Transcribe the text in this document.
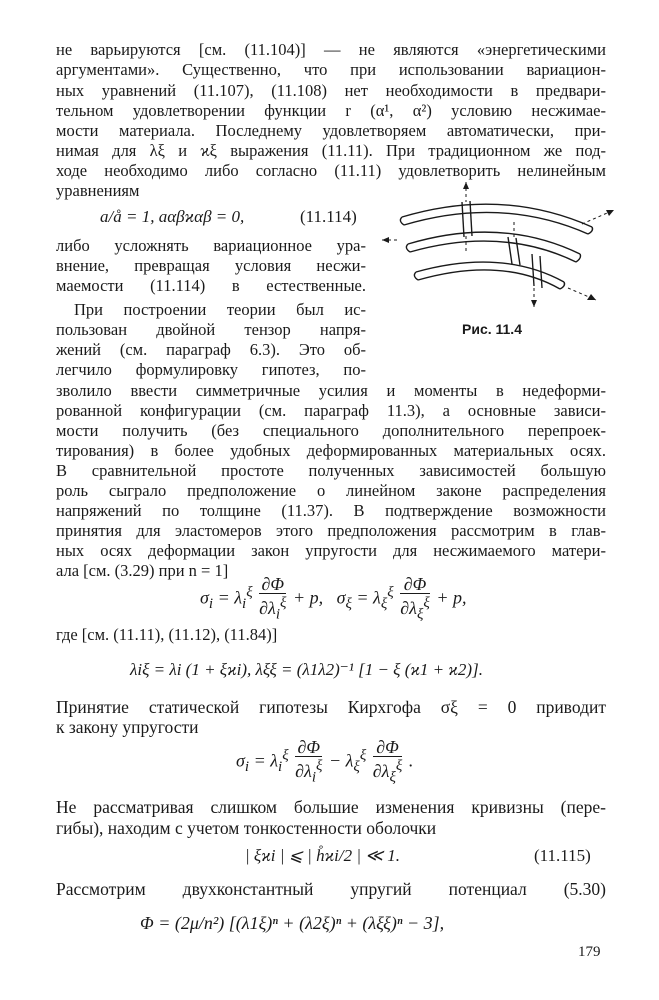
не варьируются [см. (11.104)] — не являются «энергетическими
аргументами». Существенно, что при использовании вариацион-
ных уравнений (11.107), (11.108) нет необходимости в предвари-
тельном удовлетворении функции r (α¹, α²) условию несжимае-
мости материала. Последнему удовлетворяем автоматически, при-
нимая для λξ и ϰξ выражения (11.11). При традиционном же под-
ходе необходимо либо согласно (11.11) удовлетворить нелинейным
уравнениям
a/å = 1, aαβϰαβ = 0,	(11.114)
либо усложнять вариационное ура-
внение, превращая условия несжи-
маемости (11.114) в естественные.
При построении теории был ис-
пользован двойной тензор напря-
жений (см. параграф 6.3). Это об-
легчило формулировку гипотез, по-
зволило ввести симметричные усилия и моменты в недеформи-
рованной конфигурации (см. параграф 11.3), а основные зависи-
мости получить (без специального дополнительного перепроек-
тирования) в более удобных деформированных материальных осях.
В сравнительной простоте полученных зависимостей большую
роль сыграло предположение о линейном законе распределения
напряжений по толщине (11.37). В подтверждение возможности
принятия для эластомеров этого предположения рассмотрим в глав-
ных осях деформации закон упругости для несжимаемого матери-
ала [см. (3.29) при n = 1]
$\sigma_i = \lambda_i^\xi \frac{\partial\Phi}{\partial\lambda_i^\xi} + p$,   $\sigma_\xi = \lambda_\xi^\xi \frac{\partial\Phi}{\partial\lambda_\xi^\xi} + p$,
где [см. (11.11), (11.12), (11.84)]
λiξ = λi (1 + ξϰi), λξξ = (λ1λ2)⁻¹ [1 − ξ (ϰ1 + ϰ2)].
Принятие статической гипотезы Кирхгофа σξ = 0 приводит
к закону упругости
$\sigma_i = \lambda_i^\xi \frac{\partial\Phi}{\partial\lambda_i^\xi} - \lambda_\xi^\xi \frac{\partial\Phi}{\partial\lambda_\xi^\xi}$ .
Не рассматривая слишком большие изменения кривизны (пере-
гибы), находим с учетом тонкостенности оболочки
| ξϰi | ⩽ | h̊ϰi/2 | ≪ 1.	(11.115)
Рассмотрим двухконстантный упругий потенциал (5.30)
Φ = (2μ/n²) [(λ1ξ)ⁿ + (λ2ξ)ⁿ + (λξξ)ⁿ − 3],
Рис. 11.4
179
